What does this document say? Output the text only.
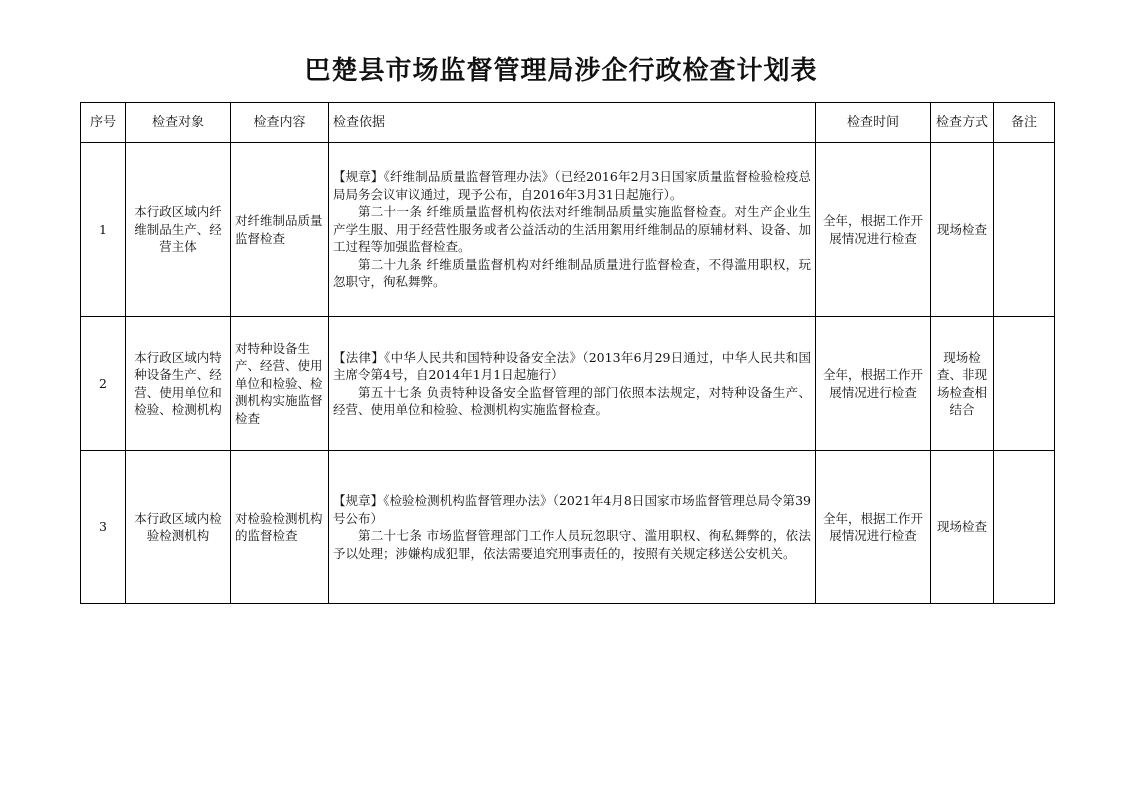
巴楚县市场监督管理局涉企行政检查计划表
序号	检查对象	检查内容	检查依据	检查时间	检查方式	备注
1	本行政区域内纤维制品生产、经营主体	对纤维制品质量监督检查	【规章】《纤维制品质量监督管理办法》（已经2016年2月3日国家质量监督检验检疫总局局务会议审议通过，现予公布，自2016年3月31日起施行）。

第二十一条 纤维质量监督机构依法对纤维制品质量实施监督检查。对生产企业生产学生服、用于经营性服务或者公益活动的生活用絮用纤维制品的原辅材料、设备、加工过程等加强监督检查。

第二十九条 纤维质量监督机构对纤维制品质量进行监督检查，不得滥用职权，玩忽职守，徇私舞弊。	全年，根据工作开展情况进行检查	现场检查	
2	本行政区域内特种设备生产、经营、使用单位和检验、检测机构	对特种设备生产、经营、使用单位和检验、检测机构实施监督检查	【法律】《中华人民共和国特种设备安全法》（2013年6月29日通过，中华人民共和国主席令第4号，自2014年1月1日起施行）

第五十七条 负责特种设备安全监督管理的部门依照本法规定，对特种设备生产、经营、使用单位和检验、检测机构实施监督检查。	全年，根据工作开展情况进行检查	现场检查、非现场检查相结合	
3	本行政区域内检验检测机构	对检验检测机构的监督检查	【规章】《检验检测机构监督管理办法》（2021年4月8日国家市场监督管理总局令第39号公布）

第二十七条 市场监督管理部门工作人员玩忽职守、滥用职权、徇私舞弊的，依法予以处理；涉嫌构成犯罪，依法需要追究刑事责任的，按照有关规定移送公安机关。	全年，根据工作开展情况进行检查	现场检查	
